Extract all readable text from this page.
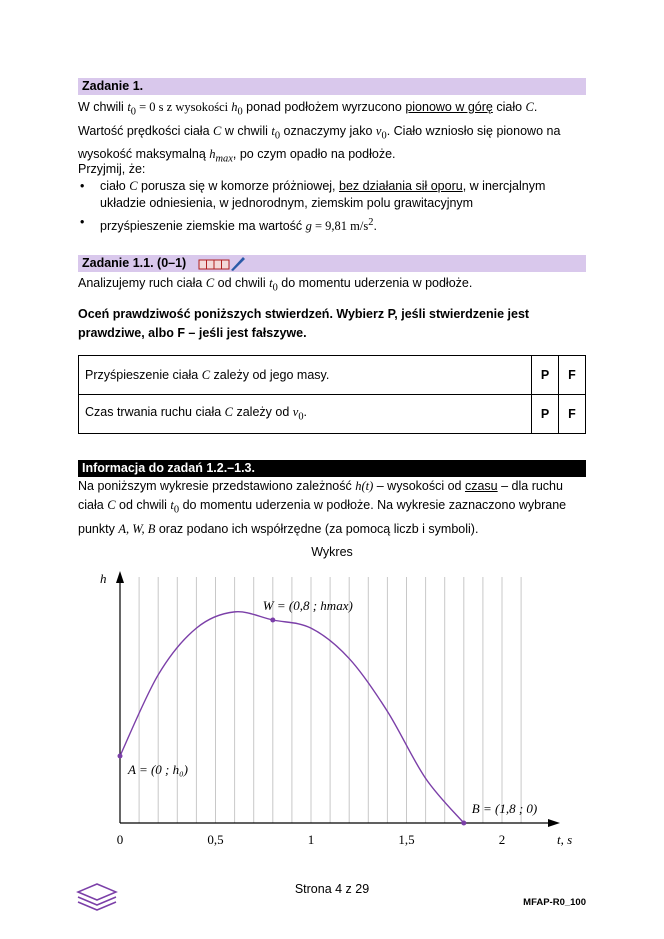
Zadanie 1.
W chwili $t_0 = 0$ s z wysokości $h_0$ ponad podłożem wyrzucono pionowo w górę ciało C.
Wartość prędkości ciała C w chwili $t_0$ oznaczymy jako $v_0$. Ciało wzniosło się pionowo na
wysokość maksymalną $h_{max}$, po czym opadło na podłoże.
Przyjmij, że:
• ciało C porusza się w komorze próżniowej, bez działania sił oporu, w inercjalnym układzie odniesienia, w jednorodnym, ziemskim polu grawitacyjnym
• przyśpieszenie ziemskie ma wartość g = 9,81 $m/s^2$.
Zadanie 1.1. (0–1)
Analizujemy ruch ciała C od chwili $t_0$ do momentu uderzenia w podłoże.
Oceń prawdziwość poniższych stwierdzeń. Wybierz P, jeśli stwierdzenie jest prawdziwe, albo F – jeśli jest fałszywe.
Przyśpieszenie ciała C zależy od jego masy.	P	F
Czas trwania ruchu ciała C zależy od $v_0$.	P	F
Informacja do zadań 1.2.–1.3.
Na poniższym wykresie przedstawiono zależność h(t) – wysokości od czasu – dla ruchu
ciała C od chwili $t_0$ do momentu uderzenia w podłoże. Na wykresie zaznaczono wybrane
punkty A, W, B oraz podano ich współrzędne (za pomocą liczb i symboli).
Wykres
h
t, s
0	0,5	1	1,5	2
A = (0 ; h₀)
W = (0,8 ; hmax)
B = (1,8 ; 0)
Strona 4 z 29
MFAP-R0_100
